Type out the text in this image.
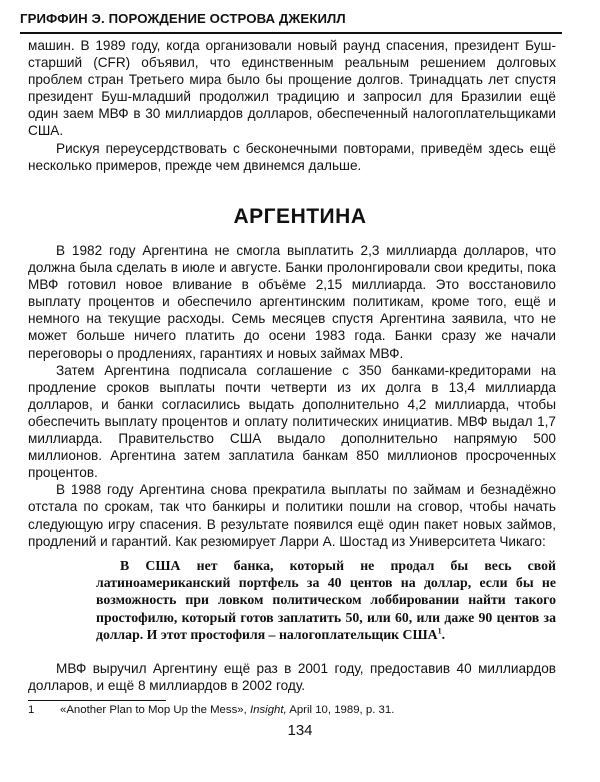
ГРИФФИН Э. ПОРОЖДЕНИЕ ОСТРОВА ДЖЕКИЛЛ

машин. В 1989 году, когда организовали новый раунд спасения, президент Буш-старший (CFR) объявил, что единственным реальным решением долговых проблем стран Третьего мира было бы прощение долгов. Тринадцать лет спустя президент Буш-младший продолжил традицию и запросил для Бразилии ещё один заем МВФ в 30 миллиардов долларов, обеспеченный налогоплательщиками США.

Рискуя переусердствовать с бесконечными повторами, приведём здесь ещё несколько примеров, прежде чем двинемся дальше.

АРГЕНТИНА

В 1982 году Аргентина не смогла выплатить 2,3 миллиарда долларов, что должна была сделать в июле и августе. Банки пролонгировали свои кредиты, пока МВФ готовил новое вливание в объёме 2,15 миллиарда. Это восстановило выплату процентов и обеспечило аргентинским политикам, кроме того, ещё и немного на текущие расходы. Семь месяцев спустя Аргентина заявила, что не может больше ничего платить до осени 1983 года. Банки сразу же начали переговоры о продлениях, гарантиях и новых займах МВФ.

Затем Аргентина подписала соглашение с 350 банками-кредиторами на продление сроков выплаты почти четверти из их долга в 13,4 миллиарда долларов, и банки согласились выдать дополнительно 4,2 миллиарда, чтобы обеспечить выплату процентов и оплату политических инициатив. МВФ выдал 1,7 миллиарда. Правительство США выдало дополнительно напрямую 500 миллионов. Аргентина затем заплатила банкам 850 миллионов просроченных процентов.

В 1988 году Аргентина снова прекратила выплаты по займам и безнадёжно отстала по срокам, так что банкиры и политики пошли на сговор, чтобы начать следующую игру спасения. В результате появился ещё один пакет новых займов, продлений и гарантий. Как резюмирует Ларри А. Шостад из Университета Чикаго:

В США нет банка, который не продал бы весь свой латиноамериканский портфель за 40 центов на доллар, если бы не возможность при ловком политическом лоббировании найти такого простофилю, который готов заплатить 50, или 60, или даже 90 центов за доллар. И этот простофиля – налогоплательщик США$^1$.

МВФ выручил Аргентину ещё раз в 2001 году, предоставив 40 миллиардов долларов, и ещё 8 миллиардов в 2002 году.

1 «Another Plan to Mop Up the Mess», Insight, April 10, 1989, p. 31.
134
